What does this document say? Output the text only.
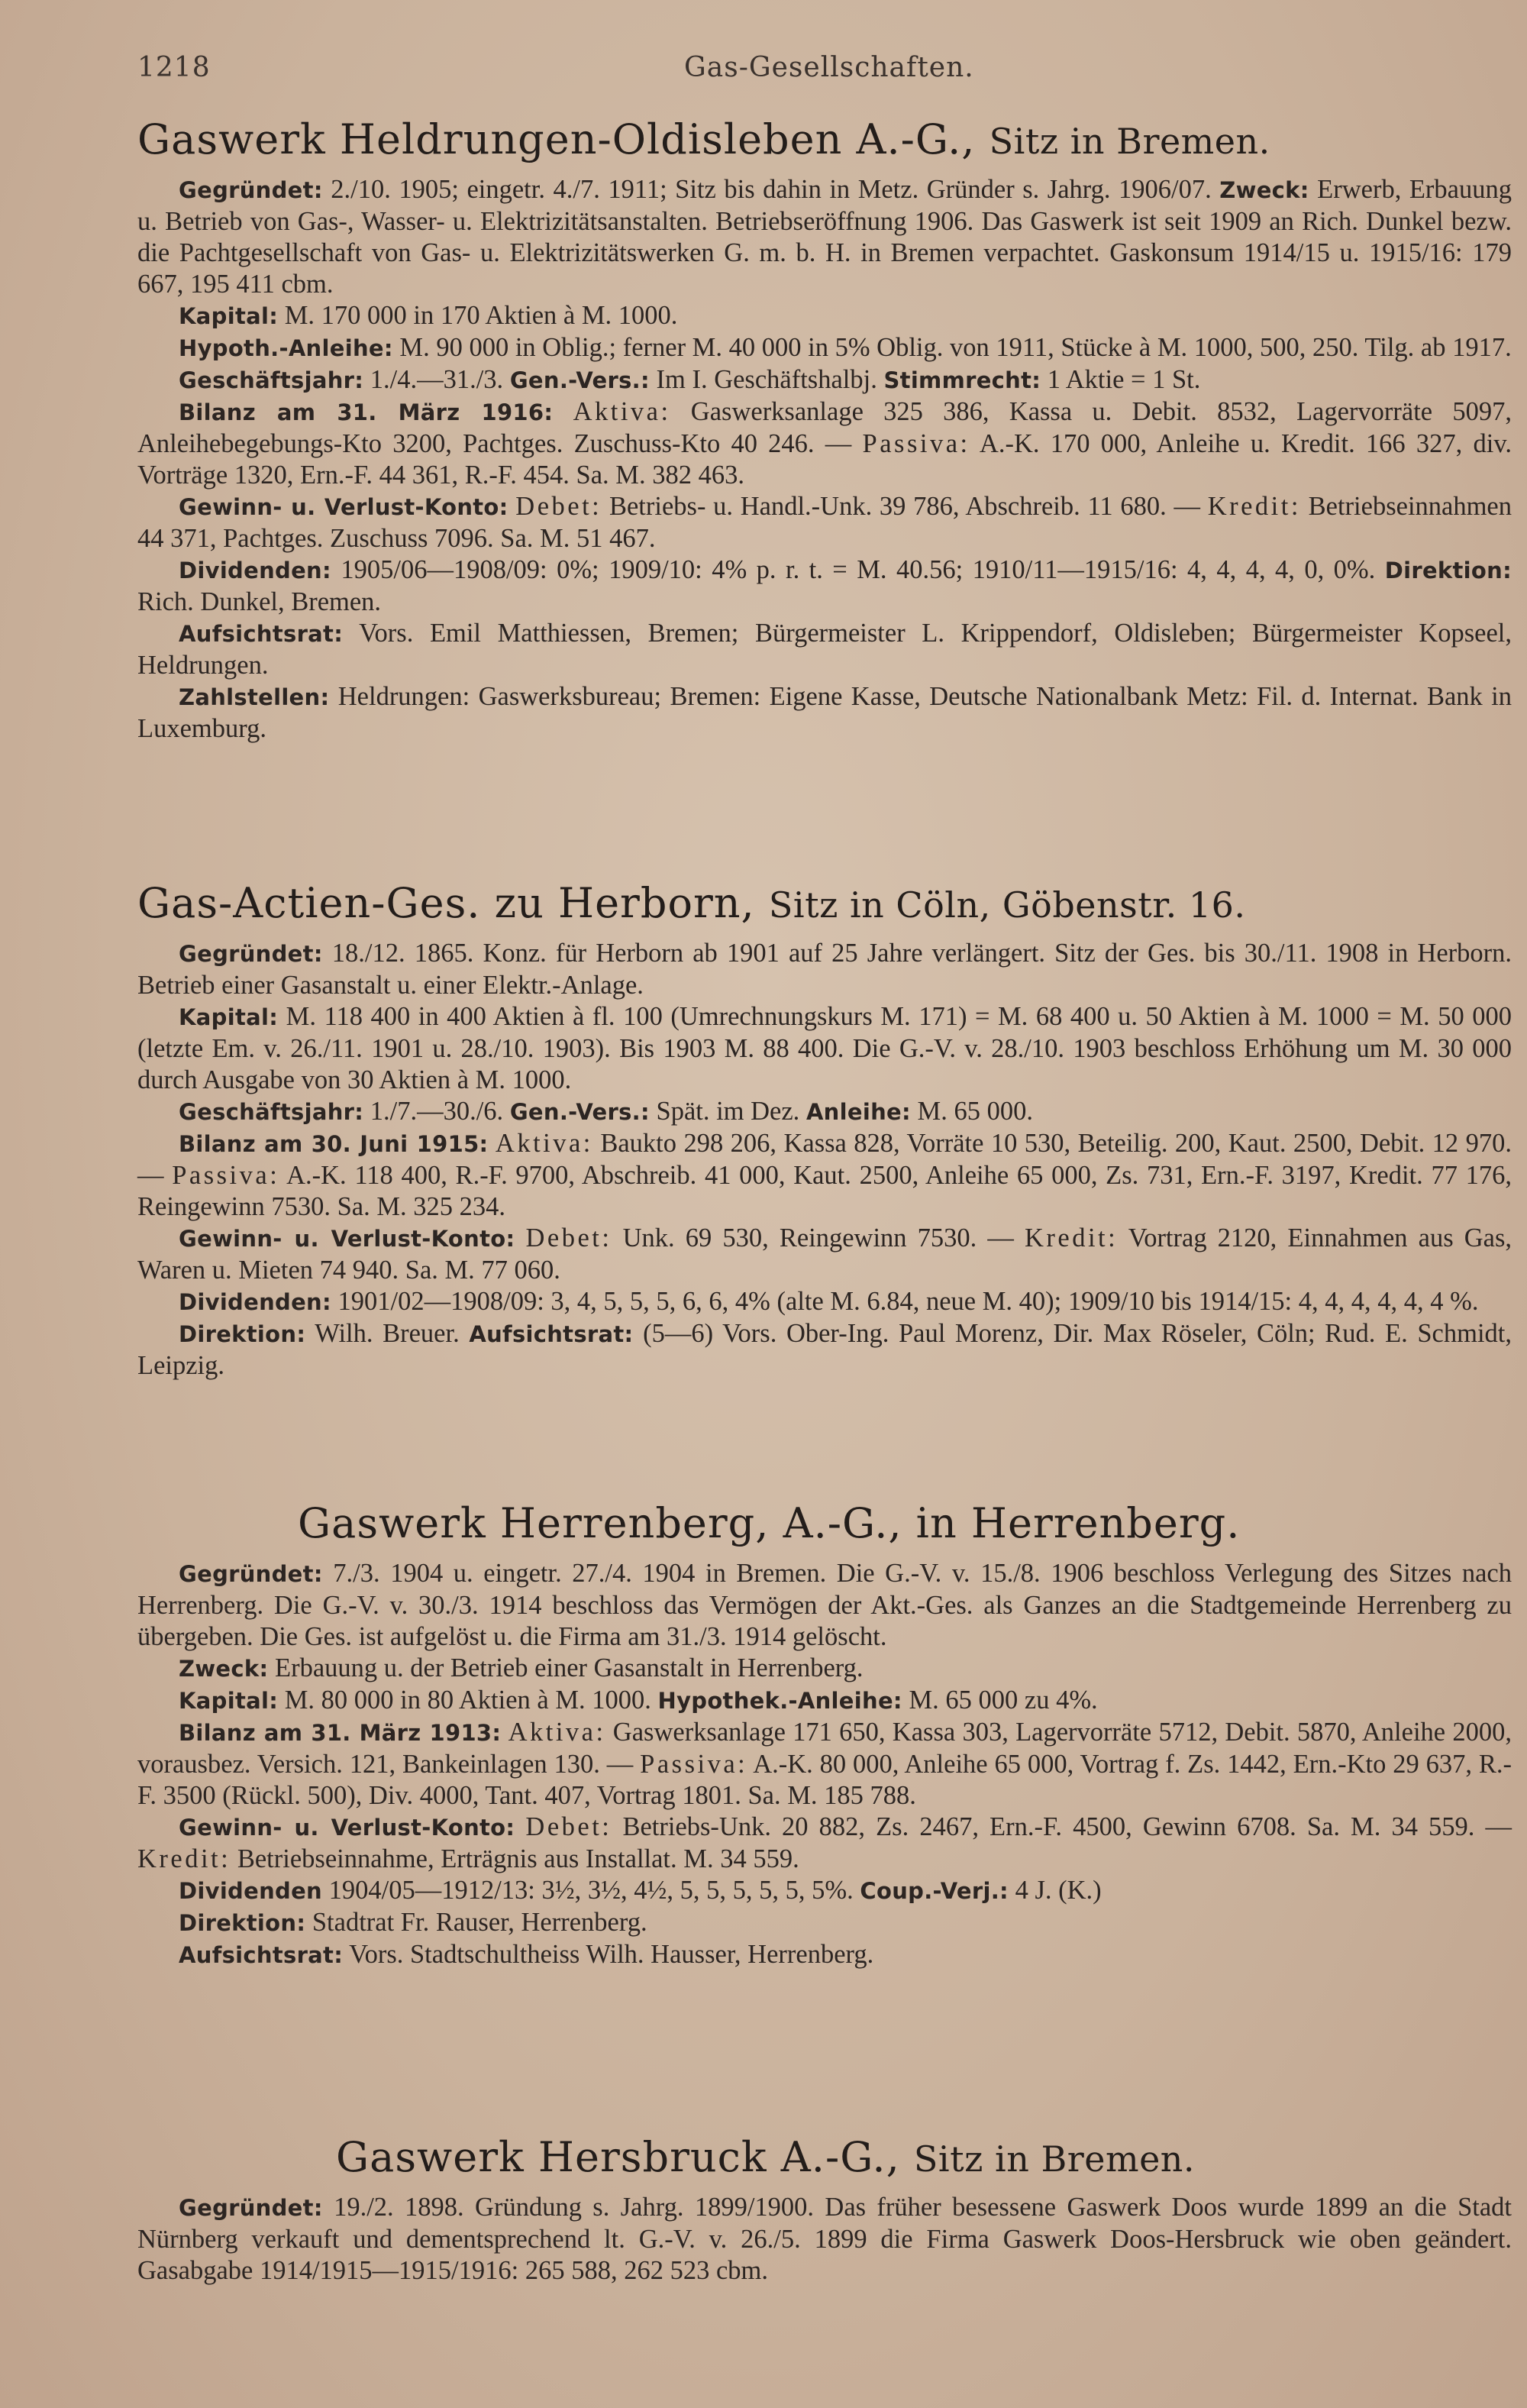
1218	Gas-Gesellschaften.
Gaswerk Heldrungen-Oldisleben A.-G., Sitz in Bremen.

Gegründet: 2./10. 1905; eingetr. 4./7. 1911; Sitz bis dahin in Metz. Gründer s. Jahrg. 1906/07. Zweck: Erwerb, Erbauung u. Betrieb von Gas-, Wasser- u. Elektrizitätsanstalten. Betriebseröffnung 1906. Das Gaswerk ist seit 1909 an Rich. Dunkel bezw. die Pachtgesellschaft von Gas- u. Elektrizitätswerken G. m. b. H. in Bremen verpachtet. Gaskonsum 1914/15 u. 1915/16: 179 667, 195 411 cbm.

Kapital: M. 170 000 in 170 Aktien à M. 1000.

Hypoth.-Anleihe: M. 90 000 in Oblig.; ferner M. 40 000 in 5% Oblig. von 1911, Stücke à M. 1000, 500, 250. Tilg. ab 1917.

Geschäftsjahr: 1./4.—31./3. Gen.-Vers.: Im I. Geschäftshalbj. Stimmrecht: 1 Aktie = 1 St.

Bilanz am 31. März 1916: Aktiva: Gaswerksanlage 325 386, Kassa u. Debit. 8532, Lagervorräte 5097, Anleihebegebungs-Kto 3200, Pachtges. Zuschuss-Kto 40 246. — Passiva: A.-K. 170 000, Anleihe u. Kredit. 166 327, div. Vorträge 1320, Ern.-F. 44 361, R.-F. 454. Sa. M. 382 463.

Gewinn- u. Verlust-Konto: Debet: Betriebs- u. Handl.-Unk. 39 786, Abschreib. 11 680. — Kredit: Betriebseinnahmen 44 371, Pachtges. Zuschuss 7096. Sa. M. 51 467.

Dividenden: 1905/06—1908/09: 0%; 1909/10: 4% p. r. t. = M. 40.56; 1910/11—1915/16: 4, 4, 4, 4, 0, 0%. Direktion: Rich. Dunkel, Bremen.

Aufsichtsrat: Vors. Emil Matthiessen, Bremen; Bürgermeister L. Krippendorf, Oldisleben; Bürgermeister Kopseel, Heldrungen.

Zahlstellen: Heldrungen: Gaswerksbureau; Bremen: Eigene Kasse, Deutsche Nationalbank Metz: Fil. d. Internat. Bank in Luxemburg.

Gas-Actien-Ges. zu Herborn, Sitz in Cöln, Göbenstr. 16.

Gegründet: 18./12. 1865. Konz. für Herborn ab 1901 auf 25 Jahre verlängert. Sitz der Ges. bis 30./11. 1908 in Herborn. Betrieb einer Gasanstalt u. einer Elektr.-Anlage.

Kapital: M. 118 400 in 400 Aktien à fl. 100 (Umrechnungskurs M. 171) = M. 68 400 u. 50 Aktien à M. 1000 = M. 50 000 (letzte Em. v. 26./11. 1901 u. 28./10. 1903). Bis 1903 M. 88 400. Die G.-V. v. 28./10. 1903 beschloss Erhöhung um M. 30 000 durch Ausgabe von 30 Aktien à M. 1000.

Geschäftsjahr: 1./7.—30./6. Gen.-Vers.: Spät. im Dez. Anleihe: M. 65 000.

Bilanz am 30. Juni 1915: Aktiva: Baukto 298 206, Kassa 828, Vorräte 10 530, Beteilig. 200, Kaut. 2500, Debit. 12 970. — Passiva: A.-K. 118 400, R.-F. 9700, Abschreib. 41 000, Kaut. 2500, Anleihe 65 000, Zs. 731, Ern.-F. 3197, Kredit. 77 176, Reingewinn 7530. Sa. M. 325 234.

Gewinn- u. Verlust-Konto: Debet: Unk. 69 530, Reingewinn 7530. — Kredit: Vortrag 2120, Einnahmen aus Gas, Waren u. Mieten 74 940. Sa. M. 77 060.

Dividenden: 1901/02—1908/09: 3, 4, 5, 5, 5, 6, 6, 4% (alte M. 6.84, neue M. 40); 1909/10 bis 1914/15: 4, 4, 4, 4, 4, 4 %.

Direktion: Wilh. Breuer. Aufsichtsrat: (5—6) Vors. Ober-Ing. Paul Morenz, Dir. Max Röseler, Cöln; Rud. E. Schmidt, Leipzig.

Gaswerk Herrenberg, A.-G., in Herrenberg.

Gegründet: 7./3. 1904 u. eingetr. 27./4. 1904 in Bremen. Die G.-V. v. 15./8. 1906 beschloss Verlegung des Sitzes nach Herrenberg. Die G.-V. v. 30./3. 1914 beschloss das Vermögen der Akt.-Ges. als Ganzes an die Stadtgemeinde Herrenberg zu übergeben. Die Ges. ist aufgelöst u. die Firma am 31./3. 1914 gelöscht.

Zweck: Erbauung u. der Betrieb einer Gasanstalt in Herrenberg.

Kapital: M. 80 000 in 80 Aktien à M. 1000. Hypothek.-Anleihe: M. 65 000 zu 4%.

Bilanz am 31. März 1913: Aktiva: Gaswerksanlage 171 650, Kassa 303, Lagervorräte 5712, Debit. 5870, Anleihe 2000, vorausbez. Versich. 121, Bankeinlagen 130. — Passiva: A.-K. 80 000, Anleihe 65 000, Vortrag f. Zs. 1442, Ern.-Kto 29 637, R.-F. 3500 (Rückl. 500), Div. 4000, Tant. 407, Vortrag 1801. Sa. M. 185 788.

Gewinn- u. Verlust-Konto: Debet: Betriebs-Unk. 20 882, Zs. 2467, Ern.-F. 4500, Gewinn 6708. Sa. M. 34 559. — Kredit: Betriebseinnahme, Erträgnis aus Installat. M. 34 559.

Dividenden 1904/05—1912/13: 3½, 3½, 4½, 5, 5, 5, 5, 5, 5%. Coup.-Verj.: 4 J. (K.)

Direktion: Stadtrat Fr. Rauser, Herrenberg.

Aufsichtsrat: Vors. Stadtschultheiss Wilh. Hausser, Herrenberg.

Gaswerk Hersbruck A.-G., Sitz in Bremen.

Gegründet: 19./2. 1898. Gründung s. Jahrg. 1899/1900. Das früher besessene Gaswerk Doos wurde 1899 an die Stadt Nürnberg verkauft und dementsprechend lt. G.-V. v. 26./5. 1899 die Firma Gaswerk Doos-Hersbruck wie oben geändert. Gasabgabe 1914/1915—1915/1916: 265 588, 262 523 cbm.
